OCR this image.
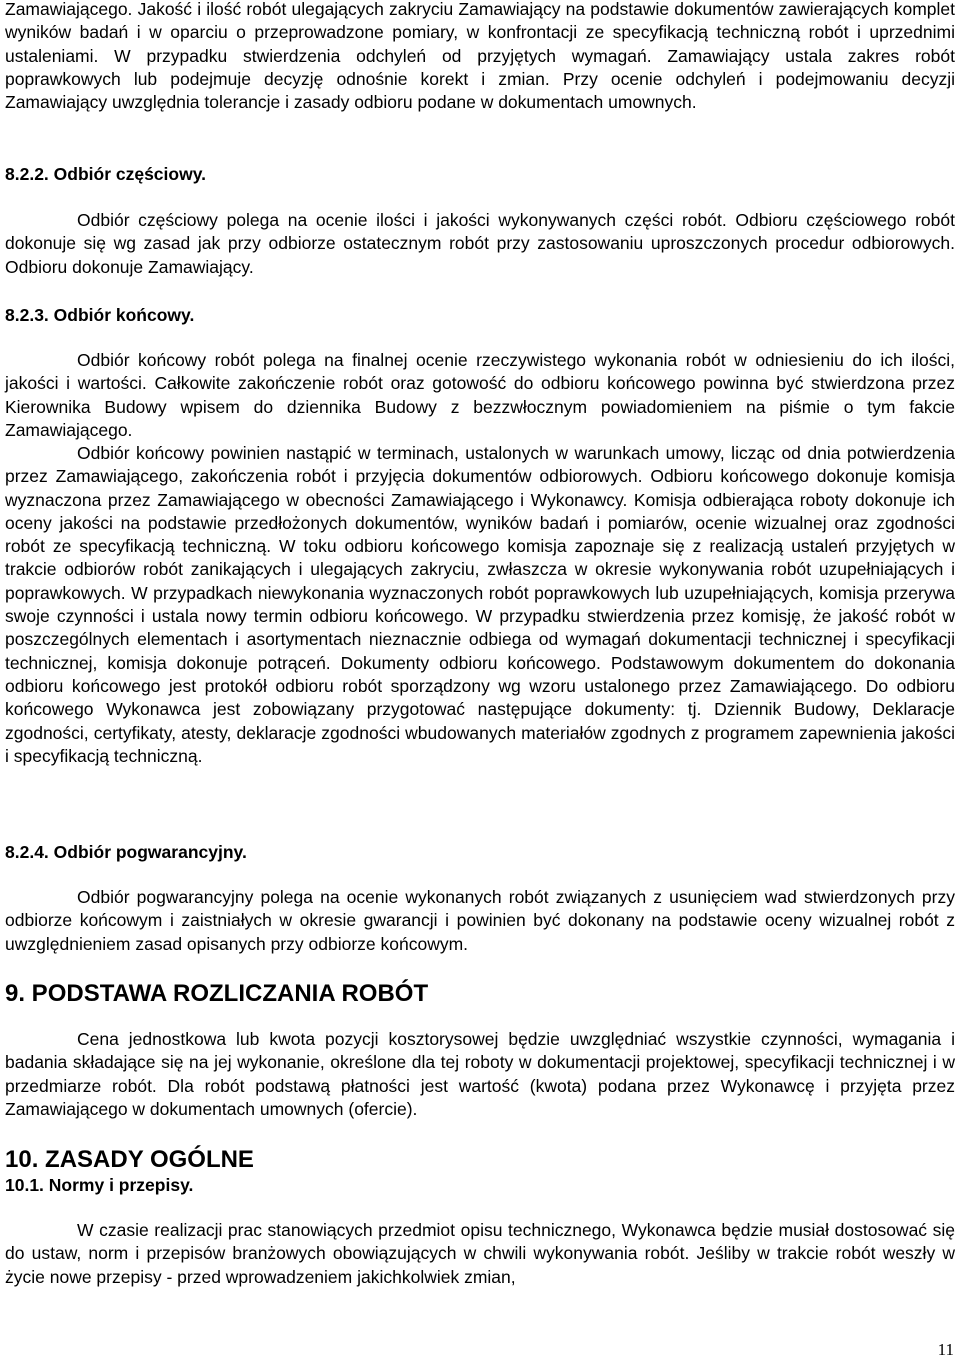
Zamawiającego. Jakość i ilość robót ulegających zakryciu Zamawiający na podstawie dokumentów zawierających komplet wyników badań i w oparciu o przeprowadzone pomiary, w konfrontacji ze specyfikacją techniczną robót i uprzednimi ustaleniami. W przypadku stwierdzenia odchyleń od przyjętych wymagań. Zamawiający ustala zakres robót poprawkowych lub podejmuje decyzję odnośnie korekt i zmian. Przy ocenie odchyleń i podejmowaniu decyzji Zamawiający uwzględnia tolerancje i zasady odbioru podane w dokumentach umownych.

8.2.2. Odbiór częściowy.

Odbiór częściowy polega na ocenie ilości i jakości wykonywanych części robót. Odbioru częściowego robót dokonuje się wg zasad jak przy odbiorze ostatecznym robót przy zastosowaniu uproszczonych procedur odbiorowych. Odbioru dokonuje Zamawiający.

8.2.3. Odbiór końcowy.

Odbiór końcowy robót polega na finalnej ocenie rzeczywistego wykonania robót w odniesieniu do ich ilości, jakości i wartości. Całkowite zakończenie robót oraz gotowość do odbioru końcowego powinna być stwierdzona przez Kierownika Budowy wpisem do dziennika Budowy z bezzwłocznym powiadomieniem na piśmie o tym fakcie Zamawiającego.

Odbiór końcowy powinien nastąpić w terminach, ustalonych w warunkach umowy, licząc od dnia potwierdzenia przez Zamawiającego, zakończenia robót i przyjęcia dokumentów odbiorowych. Odbioru końcowego dokonuje komisja wyznaczona przez Zamawiającego w obecności Zamawiającego i Wykonawcy. Komisja odbierająca roboty dokonuje ich oceny jakości na podstawie przedłożonych dokumentów, wyników badań i pomiarów, ocenie wizualnej oraz zgodności robót ze specyfikacją techniczną. W toku odbioru końcowego komisja zapoznaje się z realizacją ustaleń przyjętych w trakcie odbiorów robót zanikających i ulegających zakryciu, zwłaszcza w okresie wykonywania robót uzupełniających i poprawkowych. W przypadkach niewykonania wyznaczonych robót poprawkowych lub uzupełniających, komisja przerywa swoje czynności i ustala nowy termin odbioru końcowego. W przypadku stwierdzenia przez komisję, że jakość robót w poszczególnych elementach i asortymentach nieznacznie odbiega od wymagań dokumentacji technicznej i specyfikacji technicznej, komisja dokonuje potrąceń. Dokumenty odbioru końcowego. Podstawowym dokumentem do dokonania odbioru końcowego jest protokół odbioru robót sporządzony wg wzoru ustalonego przez Zamawiającego. Do odbioru końcowego Wykonawca jest zobowiązany przygotować następujące dokumenty: tj. Dziennik Budowy, Deklaracje zgodności, certyfikaty, atesty, deklaracje zgodności wbudowanych materiałów zgodnych z programem zapewnienia jakości i specyfikacją techniczną.

8.2.4. Odbiór pogwarancyjny.

Odbiór pogwarancyjny polega na ocenie wykonanych robót związanych z usunięciem wad stwierdzonych przy odbiorze końcowym i zaistniałych w okresie gwarancji i powinien być dokonany na podstawie oceny wizualnej robót z uwzględnieniem zasad opisanych przy odbiorze końcowym.

9. PODSTAWA ROZLICZANIA ROBÓT

Cena jednostkowa lub kwota pozycji kosztorysowej będzie uwzględniać wszystkie czynności, wymagania i badania składające się na jej wykonanie, określone dla tej roboty w dokumentacji projektowej, specyfikacji technicznej i w przedmiarze robót. Dla robót podstawą płatności jest wartość (kwota) podana przez Wykonawcę i przyjęta przez Zamawiającego w dokumentach umownych (ofercie).

10. ZASADY OGÓLNE

10.1. Normy i przepisy.

W czasie realizacji prac stanowiących przedmiot opisu technicznego, Wykonawca będzie musiał dostosować się do ustaw, norm i przepisów branżowych obowiązujących w chwili wykonywania robót. Jeśliby w trakcie robót weszły w życie nowe przepisy - przed wprowadzeniem jakichkolwiek zmian,

11
